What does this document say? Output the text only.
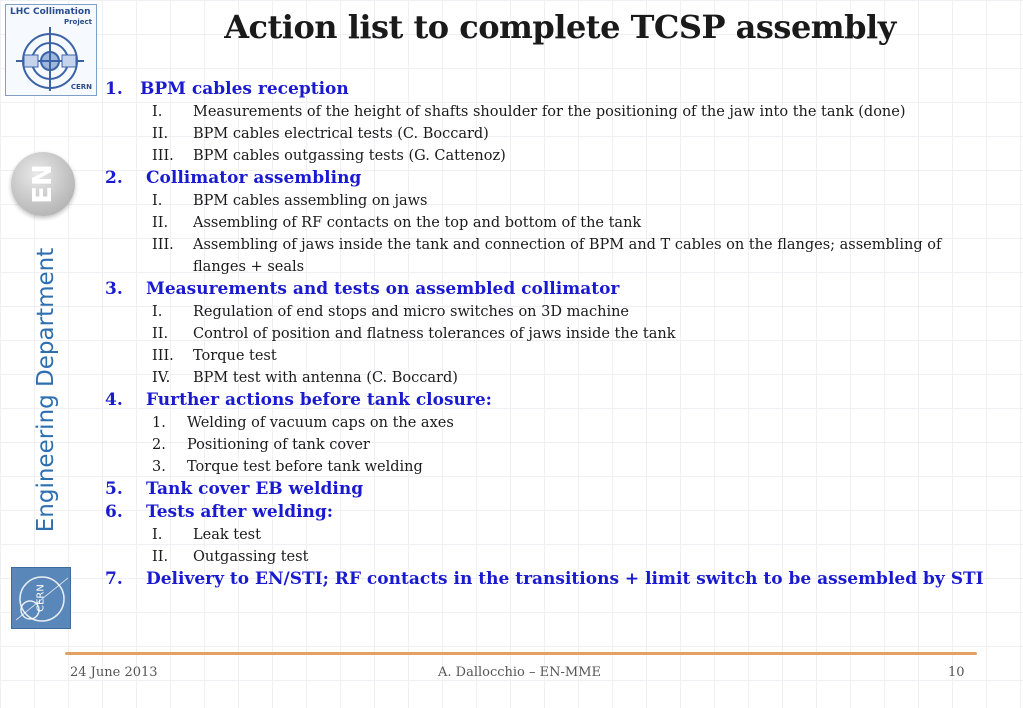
LHC Collimation
Project
CERN
Action list to complete TCSP assembly
EN
Engineering Department
CERN
1. BPM cables reception
I. Measurements of the height of shafts shoulder for the positioning of the jaw into the tank (done)
II. BPM cables electrical tests (C. Boccard)
III. BPM cables outgassing tests (G. Cattenoz)
2. Collimator assembling
I. BPM cables assembling on jaws
II. Assembling of RF contacts on the top and bottom of the tank
III. Assembling of jaws inside the tank and connection of BPM and T cables on the flanges; assembling of flanges + seals
3. Measurements and tests on assembled collimator
I. Regulation of end stops and micro switches on 3D machine
II. Control of position and flatness tolerances of jaws inside the tank
III. Torque test
IV. BPM test with antenna (C. Boccard)
4. Further actions before tank closure:
1. Welding of vacuum caps on the axes
2. Positioning of tank cover
3. Torque test before tank welding
5. Tank cover EB welding
6. Tests after welding:
I. Leak test
II. Outgassing test
7. Delivery to EN/STI; RF contacts in the transitions + limit switch to be assembled by STI
24 June 2013	A. Dallocchio – EN-MME	10
